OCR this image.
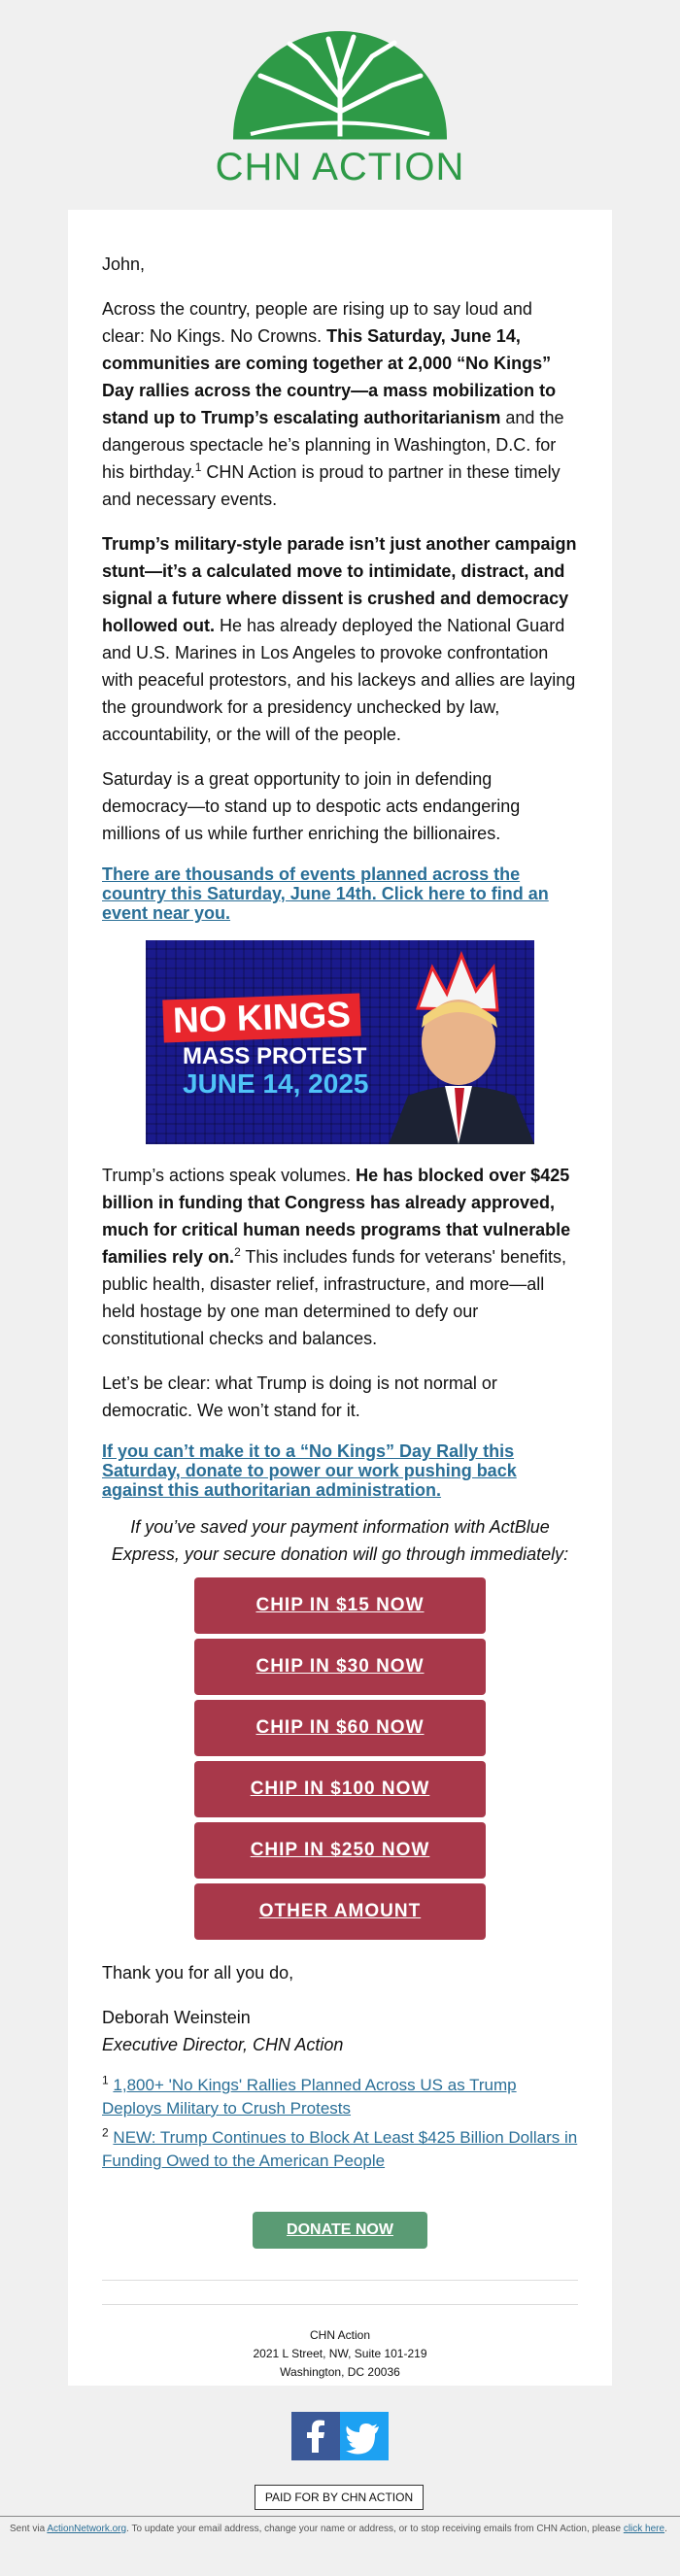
CHN ACTION

John,

Across the country, people are rising up to say loud and clear: No Kings. No Crowns. This Saturday, June 14, communities are coming together at 2,000 “No Kings” Day rallies across the country—a mass mobilization to stand up to Trump’s escalating authoritarianism and the dangerous spectacle he’s planning in Washington, D.C. for his birthday.$^1$ CHN Action is proud to partner in these timely and necessary events.

Trump’s military-style parade isn’t just another campaign stunt—it’s a calculated move to intimidate, distract, and signal a future where dissent is crushed and democracy hollowed out. He has already deployed the National Guard and U.S. Marines in Los Angeles to provoke confrontation with peaceful protestors, and his lackeys and allies are laying the groundwork for a presidency unchecked by law, accountability, or the will of the people.

Saturday is a great opportunity to join in defending democracy—to stand up to despotic acts endangering millions of us while further enriching the billionaires.

There are thousands of events planned across the country this Saturday, June 14th. Click here to find an event near you.

NO KINGS
MASS PROTEST
JUNE 14, 2025

Trump’s actions speak volumes. He has blocked over $425 billion in funding that Congress has already approved, much for critical human needs programs that vulnerable families rely on.$^2$ This includes funds for veterans' benefits, public health, disaster relief, infrastructure, and more—all held hostage by one man determined to defy our constitutional checks and balances.

Let’s be clear: what Trump is doing is not normal or democratic. We won’t stand for it.

If you can’t make it to a “No Kings” Day Rally this Saturday, donate to power our work pushing back against this authoritarian administration.

If you’ve saved your payment information with ActBlue Express, your secure donation will go through immediately:

CHIP IN $15 NOW
CHIP IN $30 NOW
CHIP IN $60 NOW
CHIP IN $100 NOW
CHIP IN $250 NOW
OTHER AMOUNT

Thank you for all you do,

Deborah Weinstein
Executive Director, CHN Action

$^1$ 1,800+ 'No Kings' Rallies Planned Across US as Trump Deploys Military to Crush Protests
$^2$ NEW: Trump Continues to Block At Least $425 Billion Dollars in Funding Owed to the American People
DONATE NOW
CHN Action
2021 L Street, NW, Suite 101-219
Washington, DC 20036
PAID FOR BY CHN ACTION
Sent via ActionNetwork.org. To update your email address, change your name or address, or to stop receiving emails from CHN Action, please click here.
